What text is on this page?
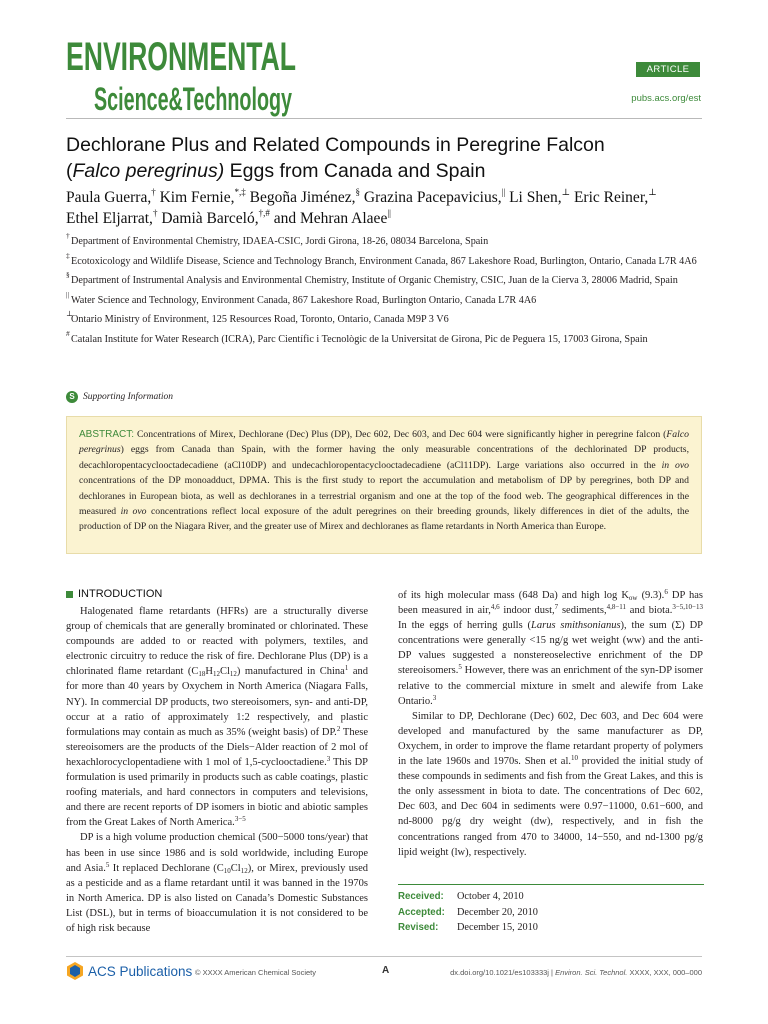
ENVIRONMENTAL
Science&Technology
ARTICLE
pubs.acs.org/est
Dechlorane Plus and Related Compounds in Peregrine Falcon
(Falco peregrinus) Eggs from Canada and Spain
Paula Guerra,† Kim Fernie,*,‡ Begoña Jiménez,§ Grazina Pacepavicius,|| Li Shen,⊥ Eric Reiner,⊥
Ethel Eljarrat,† Damià Barceló,†,# and Mehran Alaee||
†
Department of Environmental Chemistry, IDAEA-CSIC, Jordi Girona, 18-26, 08034 Barcelona, Spain
‡
Ecotoxicology and Wildlife Disease, Science and Technology Branch, Environment Canada, 867 Lakeshore Road, Burlington, Ontario, Canada L7R 4A6
§
Department of Instrumental Analysis and Environmental Chemistry, Institute of Organic Chemistry, CSIC, Juan de la Cierva 3, 28006 Madrid, Spain
||
Water Science and Technology, Environment Canada, 867 Lakeshore Road, Burlington Ontario, Canada L7R 4A6
⊥
Ontario Ministry of Environment, 125 Resources Road, Toronto, Ontario, Canada M9P 3 V6
#
Catalan Institute for Water Research (ICRA), Parc Científic i Tecnològic de la Universitat de Girona, Pic de Peguera 15, 17003 Girona, Spain
S Supporting Information

ABSTRACT: Concentrations of Mirex, Dechlorane (Dec) Plus (DP), Dec 602, Dec 603, and Dec 604 were significantly higher in peregrine falcon (Falco peregrinus) eggs from Canada than Spain, with the former having the only measurable concentrations of the dechlorinated DP products, decachloropentacyclooctadecadiene (aCl10DP) and undecachloropentacyclooctadecadiene (aCl11DP). Large variations also occurred in the in ovo concentrations of the DP monoadduct, DPMA. This is the first study to report the accumulation and metabolism of DP by peregrines, both DP and dechloranes in European biota, as well as dechloranes in a terrestrial organism and one at the top of the food web. The geographical differences in the measured in ovo concentrations reflect local exposure of the adult peregrines on their breeding grounds, likely differences in diet of the adults, the production of DP on the Niagara River, and the greater use of Mirex and dechloranes as flame retardants in North America than Europe.

INTRODUCTION

Halogenated flame retardants (HFRs) are a structurally diverse group of chemicals that are generally brominated or chlorinated. These compounds are added to or reacted with polymers, textiles, and electronic circuitry to reduce the risk of fire. Dechlorane Plus (DP) is a chlorinated flame retardant $(C_{18}H_{12}Cl_{12})$ manufactured in China$^1$ and for more than 40 years by Oxychem in North America (Niagara Falls, NY). In commercial DP products, two stereoisomers, syn- and anti-DP, occur at a ratio of approximately 1:2 respectively, and plastic formulations may contain as much as 35% (weight basis) of DP.$^2$ These stereoisomers are the products of the Diels−Alder reaction of 2 mol of hexachlorocyclopentadiene with 1 mol of 1,5-cyclooctadiene.$^3$ This DP formulation is used primarily in products such as cable coatings, plastic roofing materials, and hard connectors in computers and televisions, and there are recent reports of DP isomers in biotic and abiotic samples from the Great Lakes of North America.$^{3-5}$

DP is a high volume production chemical (500−5000 tons/year) that has been in use since 1986 and is sold worldwide, including Europe and Asia.$^5$ It replaced Dechlorane $(C_{10}Cl_{12})$, or Mirex, previously used as a pesticide and as a flame retardant until it was banned in the 1970s in North America. DP is also listed on Canada’s Domestic Substances List (DSL), but in terms of bioaccumulation it is not considered to be of high risk because

of its high molecular mass (648 Da) and high $\log K_{ow}$ (9.3).$^6$ DP has been measured in air,$^{4,6}$ indoor dust,$^7$ sediments,$^{4,8-11}$ and biota.$^{3-5,10-13}$ In the eggs of herring gulls (Larus smithsonianus), the sum (Σ) DP concentrations were generally <15 ng/g wet weight (ww) and the anti-DP values suggested a nonstereoselective enrichment of the DP stereoisomers.$^5$ However, there was an enrichment of the syn-DP isomer relative to the commercial mixture in smelt and alewife from Lake Ontario.$^3$

Similar to DP, Dechlorane (Dec) 602, Dec 603, and Dec 604 were developed and manufactured by the same manufacturer as DP, Oxychem, in order to improve the flame retardant property of polymers in the late 1960s and 1970s. Shen et al.$^{10}$ provided the initial study of these compounds in sediments and fish from the Great Lakes, and this is the only assessment in biota to date. The concentrations of Dec 602, Dec 603, and Dec 604 in sediments were 0.97−11000, 0.61−600, and nd-8000 pg/g dry weight (dw), respectively, and in fish the concentrations ranged from 470 to 34000, 14−550, and nd-1300 pg/g lipid weight (lw), respectively.

Received:	October 4, 2010
Accepted:	December 20, 2010
Revised:	December 15, 2010
ACS Publications © XXXX American Chemical Society	A	dx.doi.org/10.1021/es103333j | Environ. Sci. Technol. XXXX, XXX, 000–000
